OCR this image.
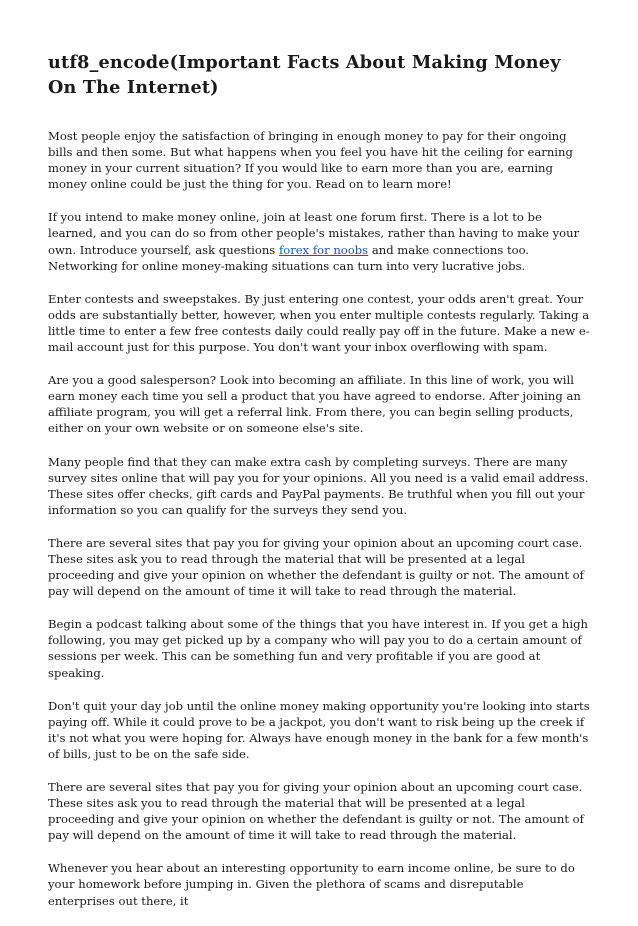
utf8_encode(Important Facts About Making Money On The Internet)

Most people enjoy the satisfaction of bringing in enough money to pay for their ongoing bills and then some. But what happens when you feel you have hit the ceiling for earning money in your current situation? If you would like to earn more than you are, earning money online could be just the thing for you. Read on to learn more!

If you intend to make money online, join at least one forum first. There is a lot to be learned, and you can do so from other people's mistakes, rather than having to make your own. Introduce yourself, ask questions forex for noobs and make connections too. Networking for online money-making situations can turn into very lucrative jobs.

Enter contests and sweepstakes. By just entering one contest, your odds aren't great. Your odds are substantially better, however, when you enter multiple contests regularly. Taking a little time to enter a few free contests daily could really pay off in the future. Make a new e-mail account just for this purpose. You don't want your inbox overflowing with spam.

Are you a good salesperson? Look into becoming an affiliate. In this line of work, you will earn money each time you sell a product that you have agreed to endorse. After joining an affiliate program, you will get a referral link. From there, you can begin selling products, either on your own website or on someone else's site.

Many people find that they can make extra cash by completing surveys. There are many survey sites online that will pay you for your opinions. All you need is a valid email address. These sites offer checks, gift cards and PayPal payments. Be truthful when you fill out your information so you can qualify for the surveys they send you.

There are several sites that pay you for giving your opinion about an upcoming court case. These sites ask you to read through the material that will be presented at a legal proceeding and give your opinion on whether the defendant is guilty or not. The amount of pay will depend on the amount of time it will take to read through the material.

Begin a podcast talking about some of the things that you have interest in. If you get a high following, you may get picked up by a company who will pay you to do a certain amount of sessions per week. This can be something fun and very profitable if you are good at speaking.

Don't quit your day job until the online money making opportunity you're looking into starts paying off. While it could prove to be a jackpot, you don't want to risk being up the creek if it's not what you were hoping for. Always have enough money in the bank for a few month's of bills, just to be on the safe side.

There are several sites that pay you for giving your opinion about an upcoming court case. These sites ask you to read through the material that will be presented at a legal proceeding and give your opinion on whether the defendant is guilty or not. The amount of pay will depend on the amount of time it will take to read through the material.

Whenever you hear about an interesting opportunity to earn income online, be sure to do your homework before jumping in. Given the plethora of scams and disreputable enterprises out there, it
